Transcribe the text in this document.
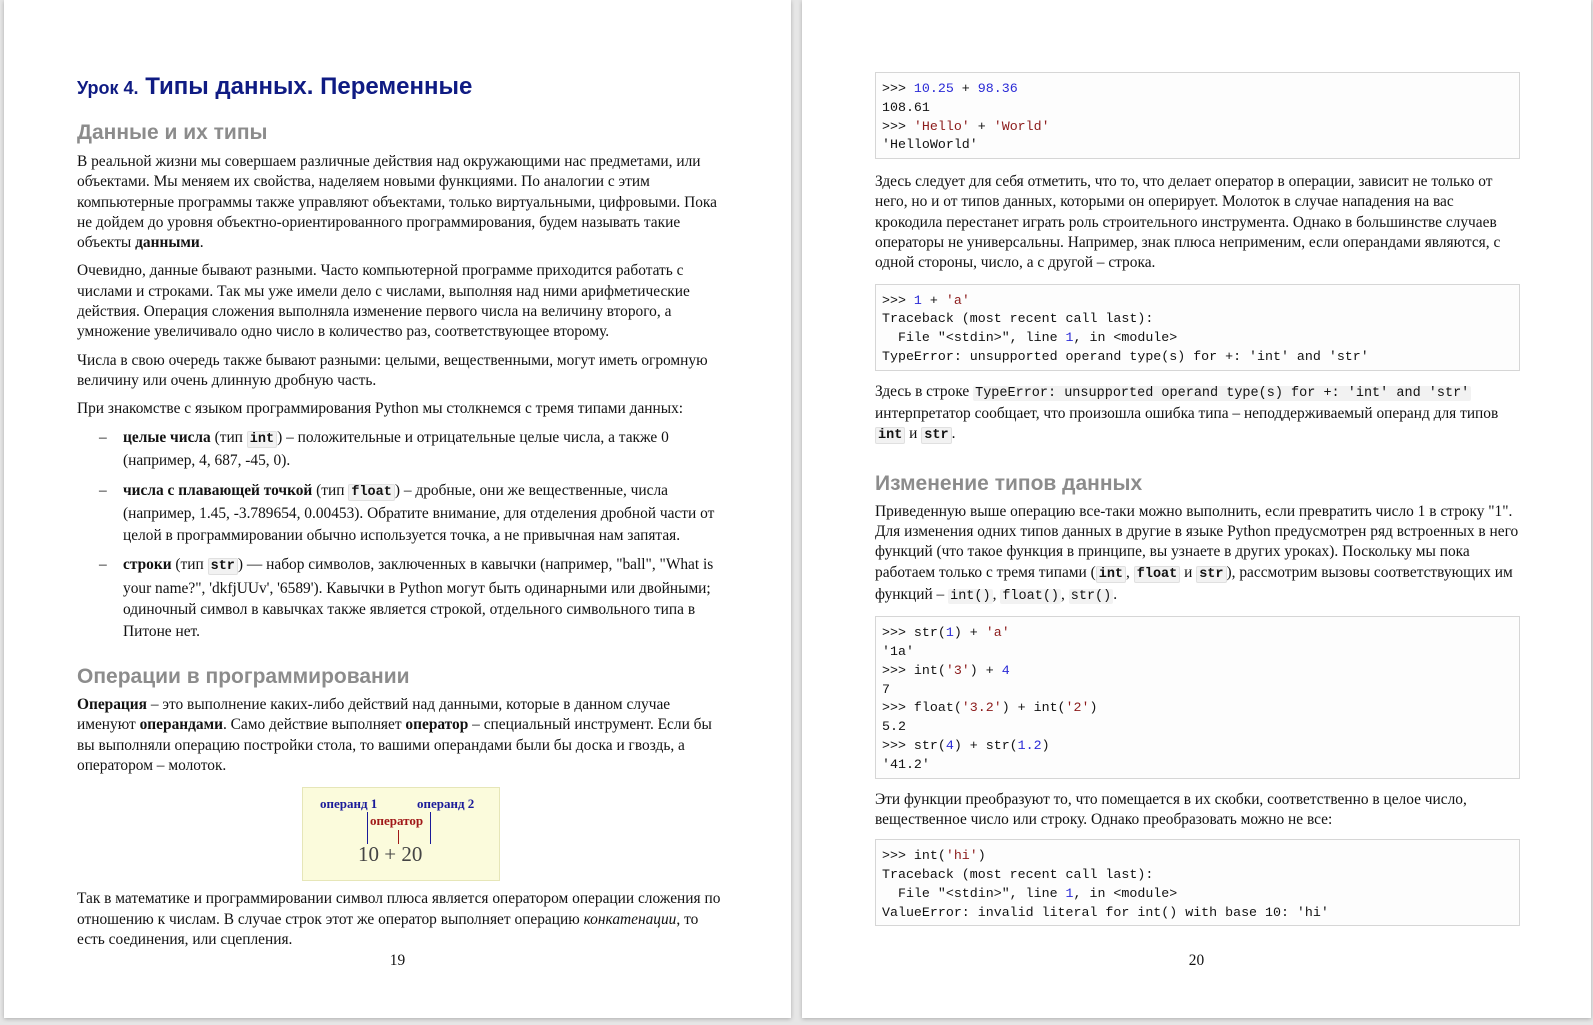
Урок 4. Типы данных. Переменные
Данные и их типы

В реальной жизни мы совершаем различные действия над окружающими нас предметами, или объектами. Мы меняем их свойства, наделяем новыми функциями. По аналогии с этим компьютерные программы также управляют объектами, только виртуальными, цифровыми. Пока не дойдем до уровня объектно-ориентированного программирования, будем называть такие объекты данными.

Очевидно, данные бывают разными. Часто компьютерной программе приходится работать с числами и строками. Так мы уже имели дело с числами, выполняя над ними арифметические действия. Операция сложения выполняла изменение первого числа на величину второго, а умножение увеличивало одно число в количество раз, соответствующее второму.

Числа в свою очередь также бывают разными: целыми, вещественными, могут иметь огромную величину или очень длинную дробную часть.

При знакомстве с языком программирования Python мы столкнемся с тремя типами данных:

– целые числа (тип int ) – положительные и отрицательные целые числа, а также 0 (например, 4, 687, -45, 0).
– числа с плавающей точкой (тип float ) – дробные, они же вещественные, числа (например, 1.45, -3.789654, 0.00453). Обратите внимание, для отделения дробной части от целой в программировании обычно используется точка, а не привычная нам запятая.
– строки (тип str ) — набор символов, заключенных в кавычки (например, "ball", "What is your name?", 'dkfjUUv', '6589'). Кавычки в Python могут быть одинарными или двойными; одиночный символ в кавычках также является строкой, отдельного символьного типа в Питоне нет.
Операции в программировании

Операция – это выполнение каких-либо действий над данными, которые в данном случае именуют операндами. Само действие выполняет оператор – специальный инструмент. Если бы вы выполняли операцию постройки стола, то вашими операндами были бы доска и гвоздь, а оператором – молоток.

операнд 1	операнд 2
оператор
10 + 20

Так в математике и программировании символ плюса является оператором операции сложения по отношению к числам. В случае строк этот же оператор выполняет операцию конкатенации, то есть соединения, или сцепления.

19
>>> 10.25 + 98.36
108.61
>>> 'Hello' + 'World'
'HelloWorld'

Здесь следует для себя отметить, что то, что делает оператор в операции, зависит не только от него, но и от типов данных, которыми он оперирует. Молоток в случае нападения на вас крокодила перестанет играть роль строительного инструмента. Однако в большинстве случаев операторы не универсальны. Например, знак плюса неприменим, если операндами являются, с одной стороны, число, а с другой – строка.

>>> 1 + 'a'
Traceback (most recent call last):
File "<stdin>", line 1, in <module>
TypeError: unsupported operand type(s) for +: 'int' and 'str'

Здесь в строке TypeError: unsupported operand type(s) for +: 'int' and 'str' интерпретатор сообщает, что произошла ошибка типа – неподдерживаемый операнд для типов int и str .

Изменение типов данных

Приведенную выше операцию все-таки можно выполнить, если превратить число 1 в строку "1". Для изменения одних типов данных в другие в языке Python предусмотрен ряд встроенных в него функций (что такое функция в принципе, вы узнаете в других уроках). Поскольку мы пока работаем только с тремя типами ( int , float и str ), рассмотрим вызовы соответствующих им функций – int() , float() , str() .

>>> str(1) + 'a'
'1a'
>>> int('3') + 4
7
>>> float('3.2') + int('2')
5.2
>>> str(4) + str(1.2)
'41.2'

Эти функции преобразуют то, что помещается в их скобки, соответственно в целое число, вещественное число или строку. Однако преобразовать можно не все:

>>> int('hi')
Traceback (most recent call last):
File "<stdin>", line 1, in <module>
ValueError: invalid literal for int() with base 10: 'hi'
20
